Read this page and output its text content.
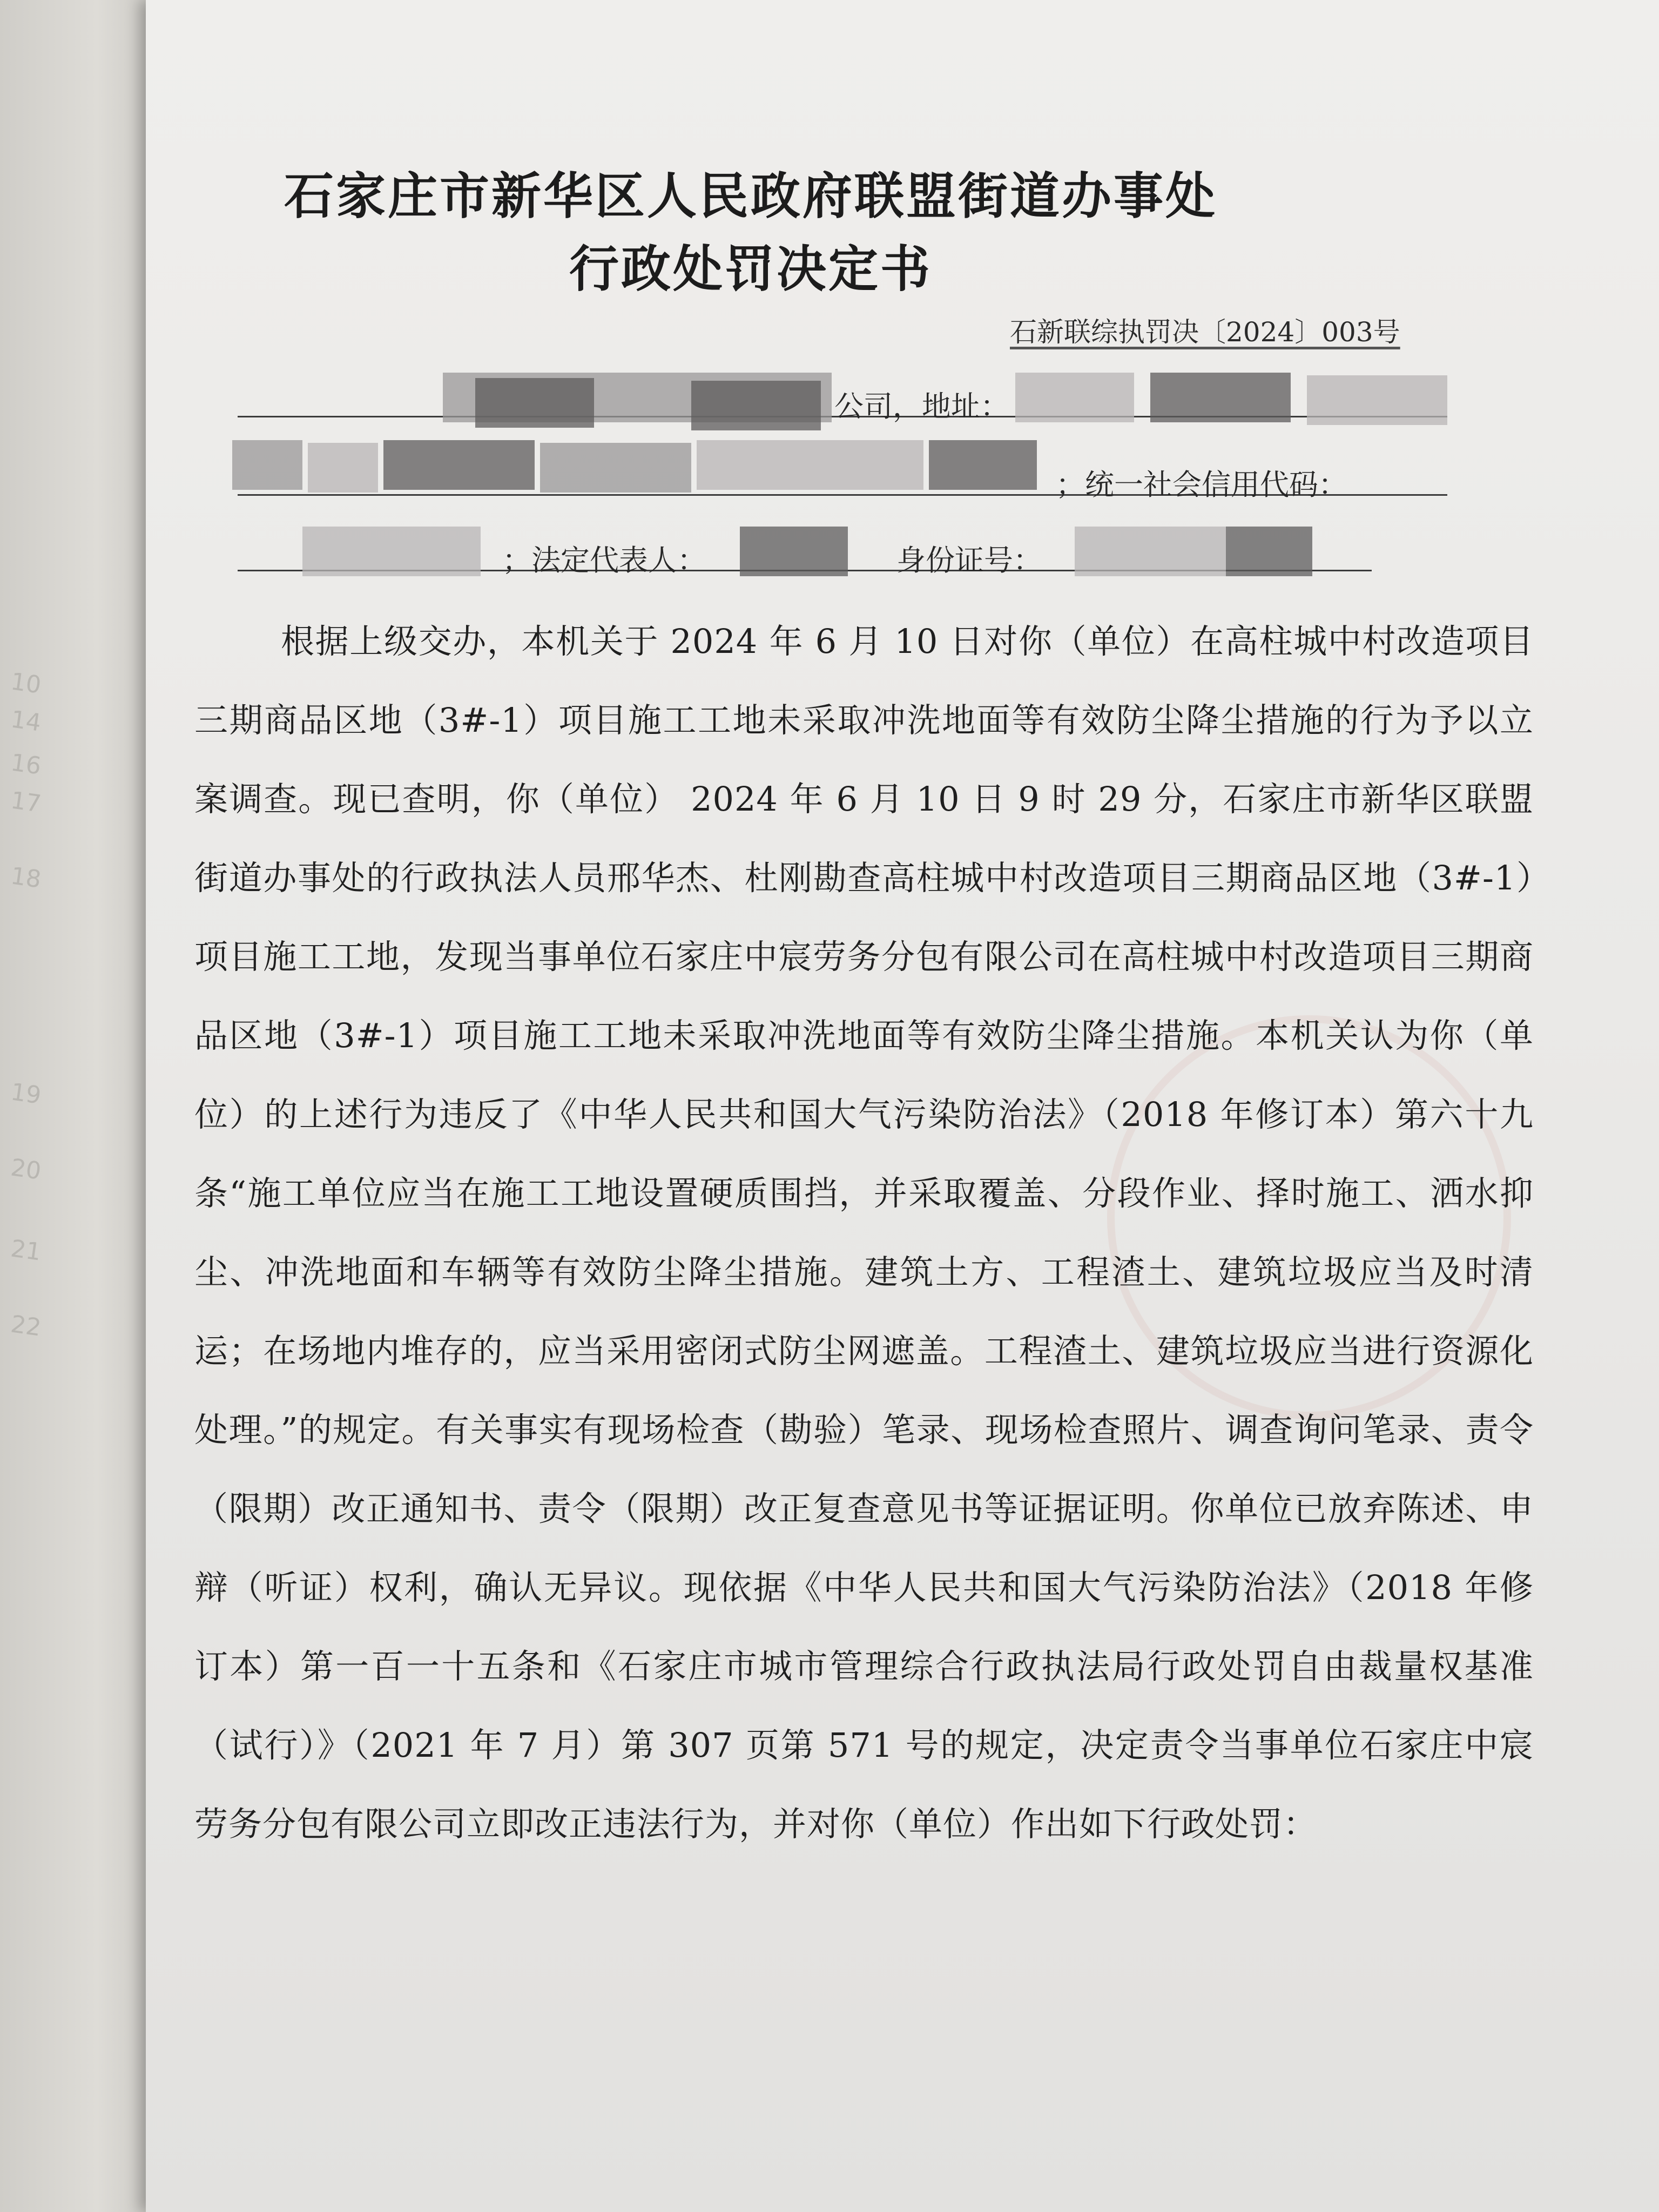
10
14
16
17
18
19
20
21
22
石家庄市新华区人民政府联盟街道办事处
行政处罚决定书
石新联综执罚决〔2024〕003号
公司，地址：
；统一社会信用代码：
；法定代表人：	身份证号：
根据上级交办，本机关于 2024 年 6 月 10 日对你（单位）在高柱城中村改造项目三期商品区地（3#-1）项目施工工地未采取冲洗地面等有效防尘降尘措施的行为予以立案调查。现已查明，你（单位） 2024 年 6 月 10 日 9 时 29 分，石家庄市新华区联盟街道办事处的行政执法人员邢华杰、杜刚勘查高柱城中村改造项目三期商品区地（3#-1）项目施工工地，发现当事单位石家庄中宸劳务分包有限公司在高柱城中村改造项目三期商品区地（3#-1）项目施工工地未采取冲洗地面等有效防尘降尘措施。本机关认为你（单位）的上述行为违反了《中华人民共和国大气污染防治法》（2018 年修订本）第六十九条“施工单位应当在施工工地设置硬质围挡，并采取覆盖、分段作业、择时施工、洒水抑尘、冲洗地面和车辆等有效防尘降尘措施。建筑土方、工程渣土、建筑垃圾应当及时清运；在场地内堆存的，应当采用密闭式防尘网遮盖。工程渣土、建筑垃圾应当进行资源化处理。”的规定。有关事实有现场检查（勘验）笔录、现场检查照片、调查询问笔录、责令（限期）改正通知书、责令（限期）改正复查意见书等证据证明。你单位已放弃陈述、申辩（听证）权利，确认无异议。现依据《中华人民共和国大气污染防治法》（2018 年修订本）第一百一十五条和《石家庄市城市管理综合行政执法局行政处罚自由裁量权基准（试行）》（2021 年 7 月）第 307 页第 571 号的规定，决定责令当事单位石家庄中宸劳务分包有限公司立即改正违法行为，并对你（单位）作出如下行政处罚：
